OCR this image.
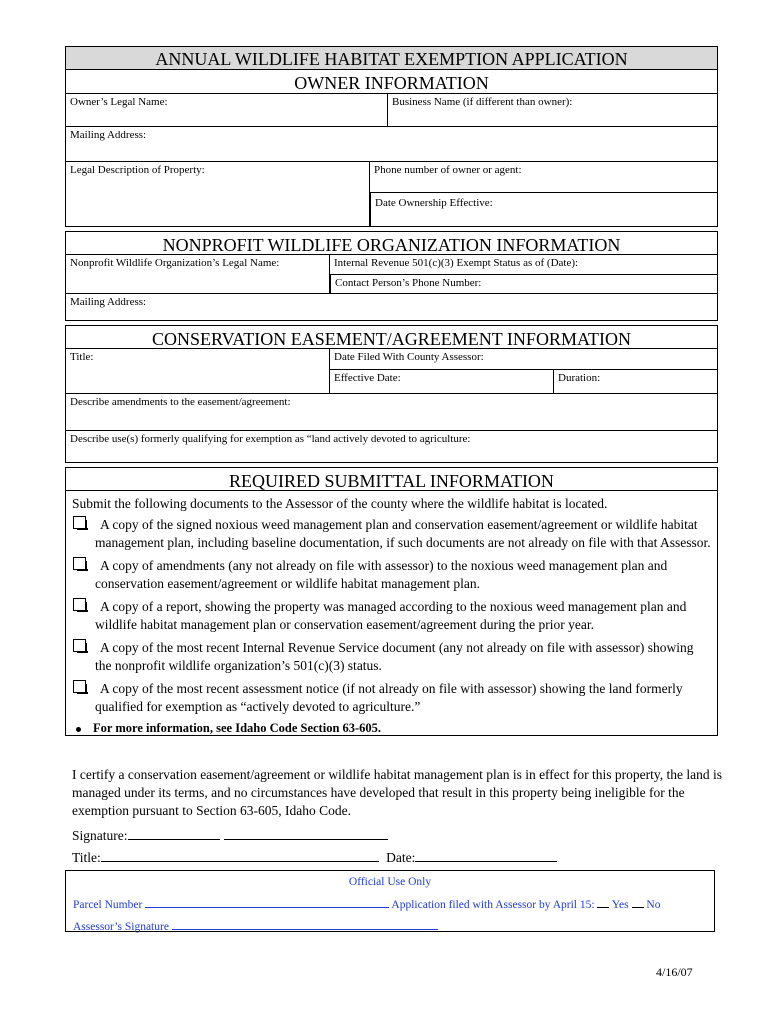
ANNUAL WILDLIFE HABITAT EXEMPTION APPLICATION
OWNER INFORMATION
Owner’s Legal Name:	Business Name (if different than owner):
Mailing Address:
Legal Description of Property:	Phone number of owner or agent:
Date Ownership Effective:
NONPROFIT WILDLIFE ORGANIZATION INFORMATION
Nonprofit Wildlife Organization’s Legal Name:	Internal Revenue 501(c)(3) Exempt Status as of (Date):
Contact Person’s Phone Number:
Mailing Address:
CONSERVATION EASEMENT/AGREEMENT INFORMATION
Title:	Date Filed With County Assessor:
Effective Date:	Duration:
Describe amendments to the easement/agreement:
Describe use(s) formerly qualifying for exemption as “land actively devoted to agriculture:
REQUIRED SUBMITTAL INFORMATION
Submit the following documents to the Assessor of the county where the wildlife habitat is located.
A copy of the signed noxious weed management plan and conservation easement/agreement or wildlife habitat management plan, including baseline documentation, if such documents are not already on file with that Assessor.
A copy of amendments (any not already on file with assessor) to the noxious weed management plan and conservation easement/agreement or wildlife habitat management plan.
A copy of a report, showing the property was managed according to the noxious weed management plan and wildlife habitat management plan or conservation easement/agreement during the prior year.
A copy of the most recent Internal Revenue Service document (any not already on file with assessor) showing the nonprofit wildlife organization’s 501(c)(3) status.
A copy of the most recent assessment notice (if not already on file with assessor) showing the land formerly qualified for exemption as “actively devoted to agriculture.”
For more information, see Idaho Code Section 63-605.
I certify a conservation easement/agreement or wildlife habitat management plan is in effect for this property, the land is managed under its terms, and no circumstances have developed that result in this property being ineligible for the exemption pursuant to Section 63-605, Idaho Code.
Signature:
Title:	Date:
Official Use Only
Parcel Number	Application filed with Assessor by April 15: Yes No
Assessor’s Signature
4/16/07
